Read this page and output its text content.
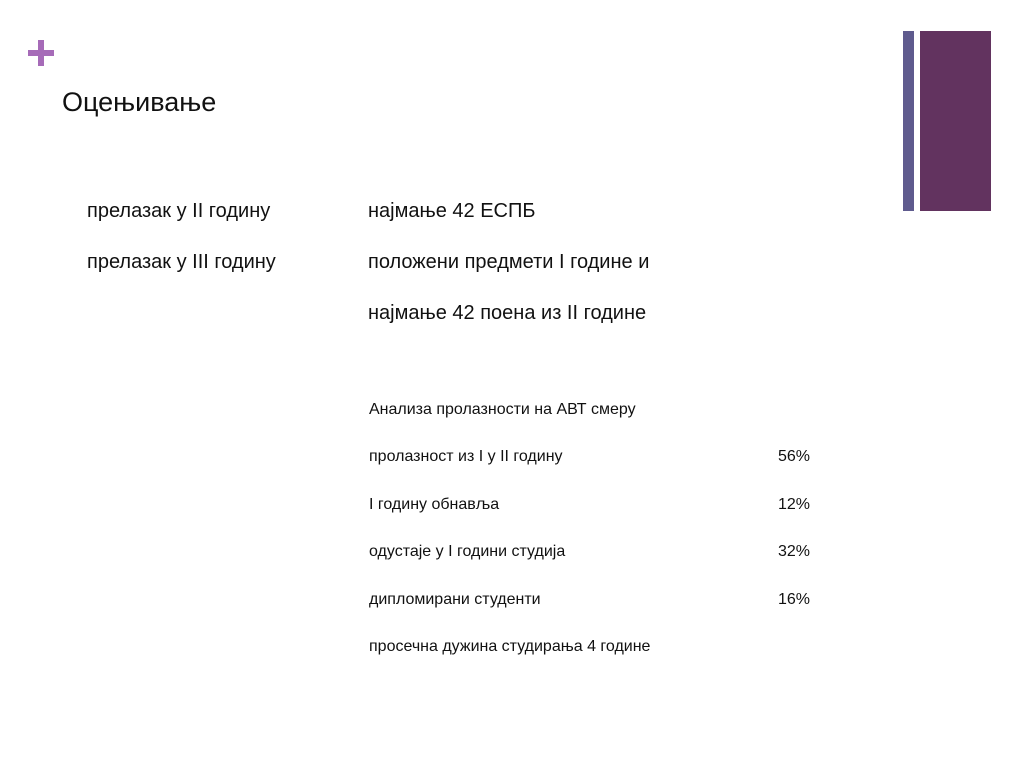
Оцењивање
прелазак у II годину	најмање 42 ЕСПБ
прелазак у III годину	положени предмети I године и
најмање 42 поена из II године
Анализа пролазности на АВТ смеру
пролазност из I у II годину	56%
I годину обнавља	12%
одустаје у I години студија	32%
дипломирани студенти	16%
просечна дужина студирања 4 године
